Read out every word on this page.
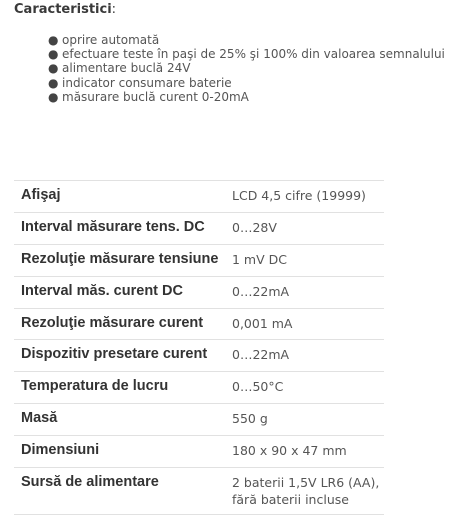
Caracteristici:

● oprire automată
● efectuare teste în paşi de 25% şi 100% din valoarea semnalului
● alimentare buclă 24V
● indicator consumare baterie
● măsurare buclă curent 0-20mA
Afişaj	LCD 4,5 cifre (19999)
Interval măsurare tens. DC	0…28V
Rezoluţie măsurare tensiune	1 mV DC
Interval măs. curent DC	0…22mA
Rezoluţie măsurare curent	0,001 mA
Dispozitiv presetare curent	0…22mA
Temperatura de lucru	0…50°C
Masă	550 g
Dimensiuni	180 x 90 x 47 mm
Sursă de alimentare	2 baterii 1,5V LR6 (AA),
fără baterii incluse
